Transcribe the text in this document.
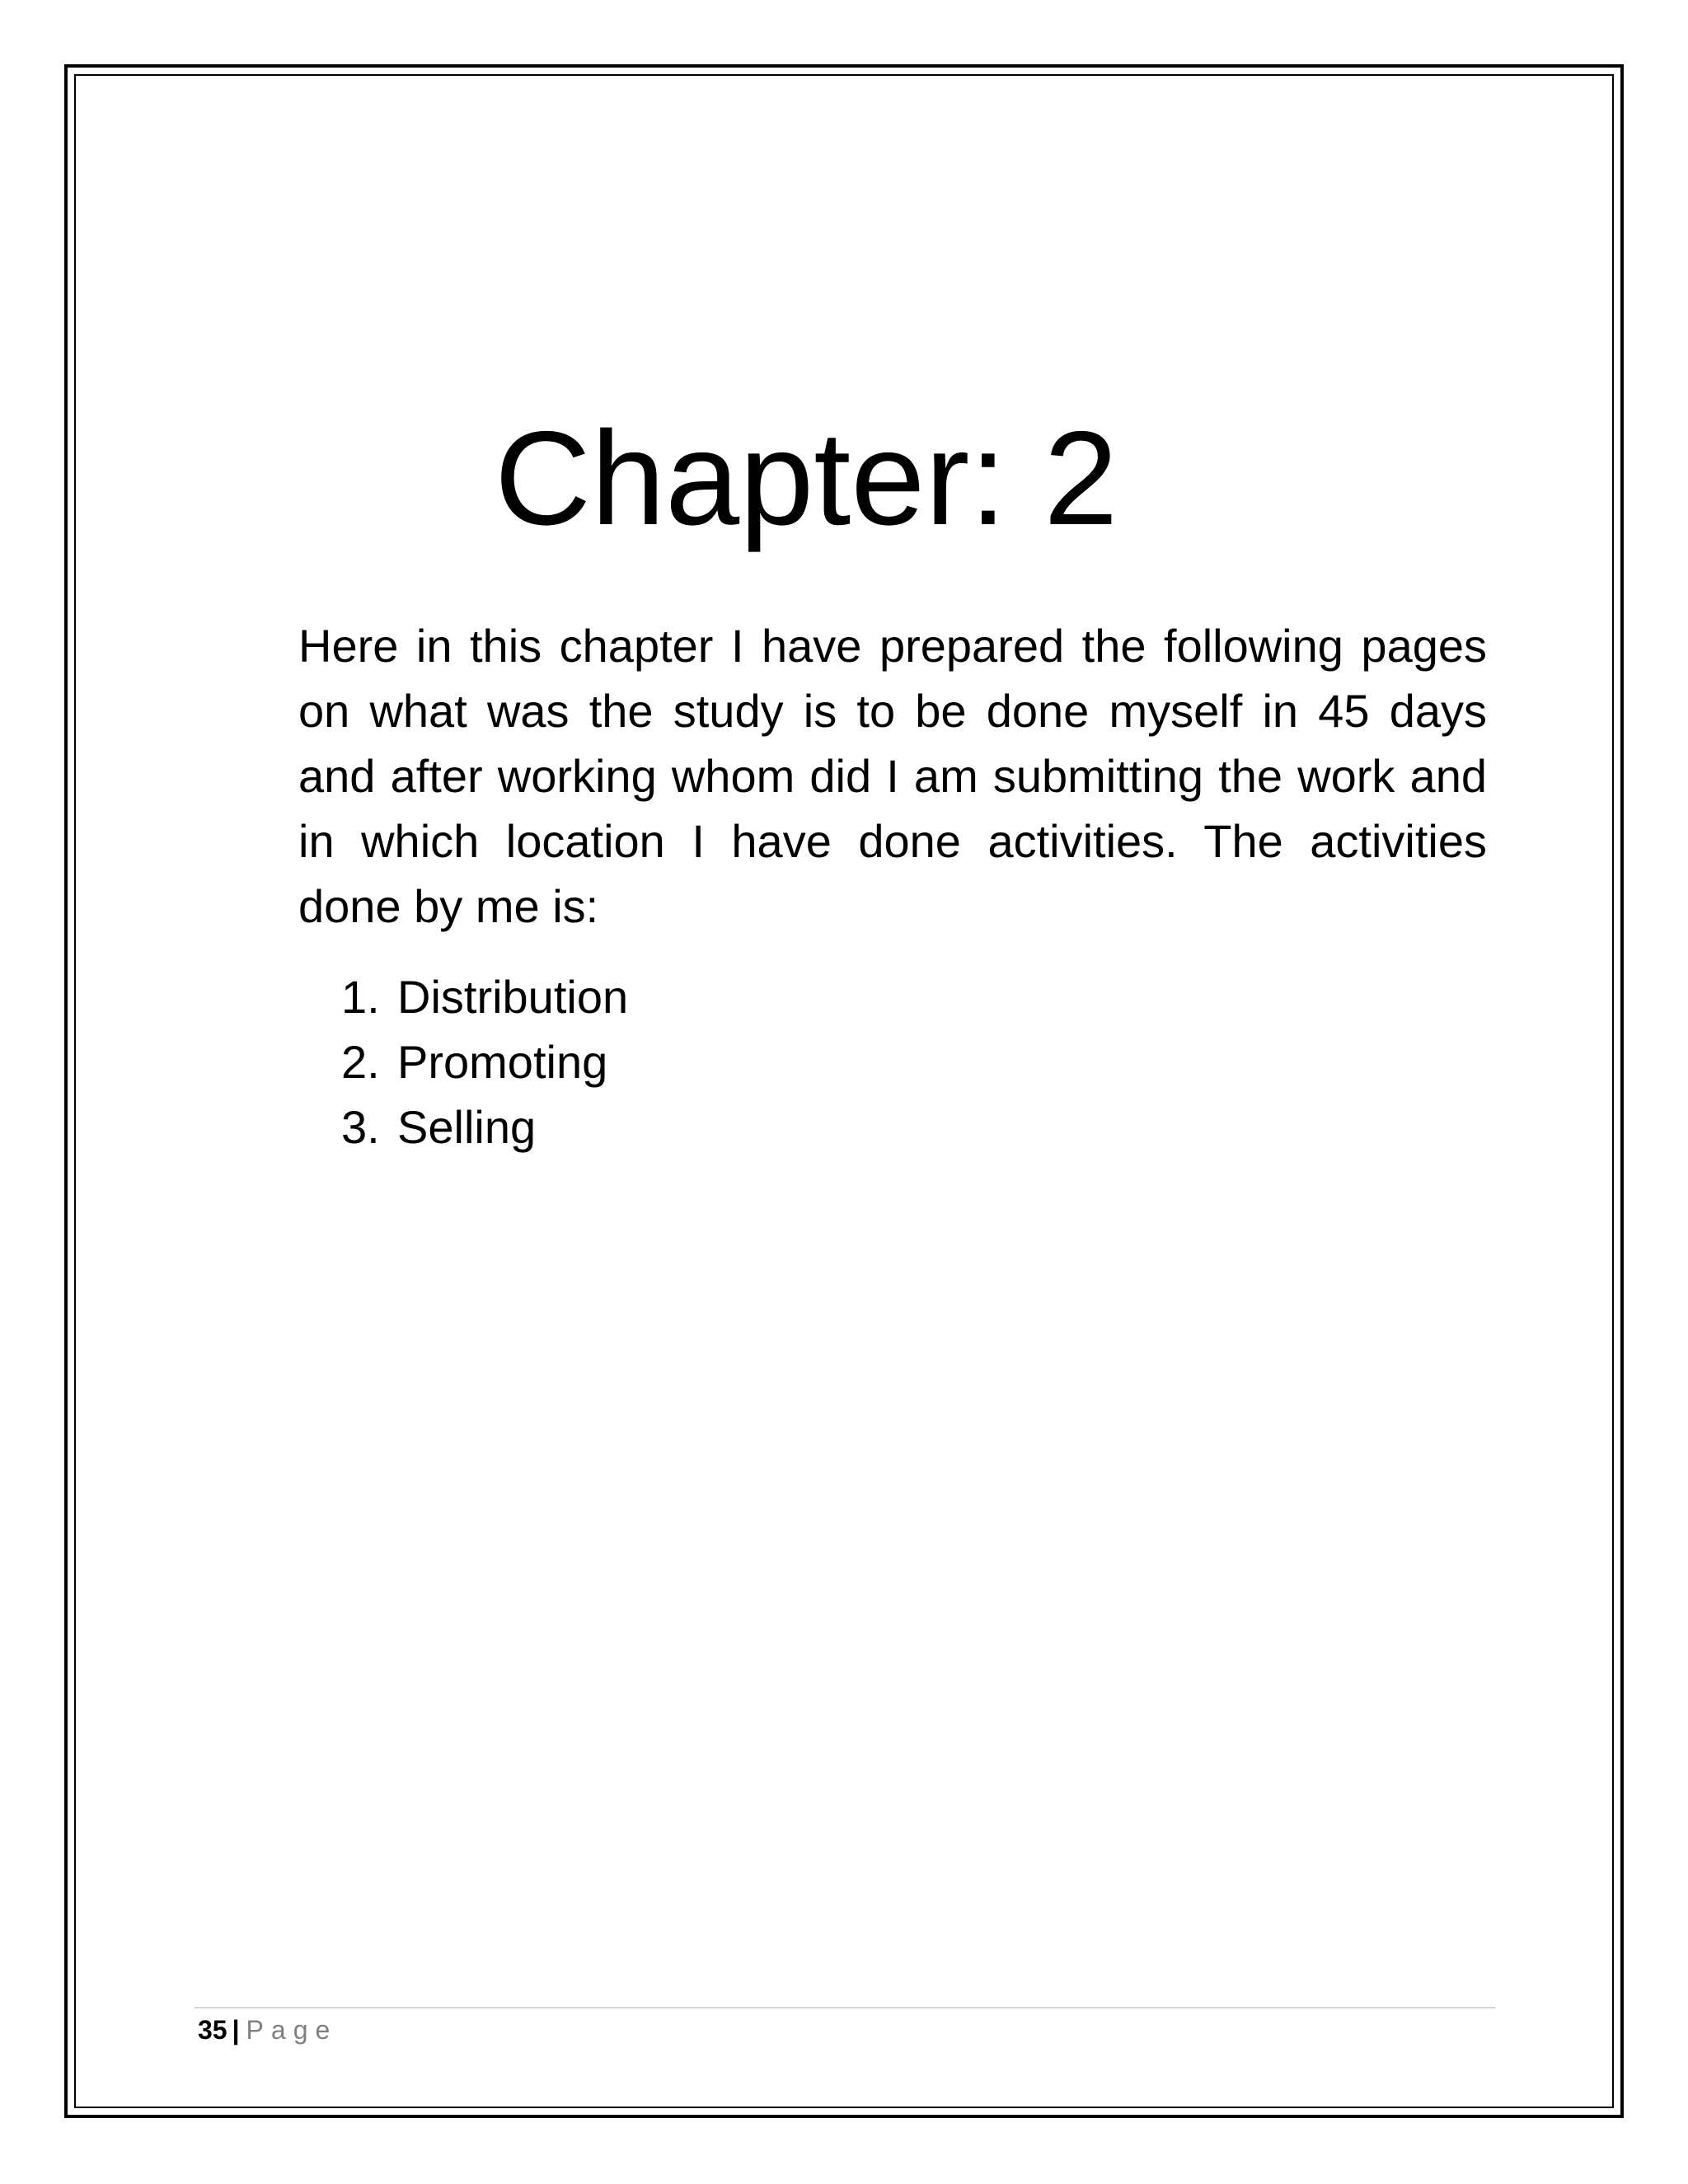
Chapter: 2

Here in this chapter I have prepared the following pages on what was the study is to be done myself in 45 days and after working whom did I am submitting the work and in which location I have done activities. The activities done by me is:

1. Distribution
2. Promoting
3. Selling
35 | Page
